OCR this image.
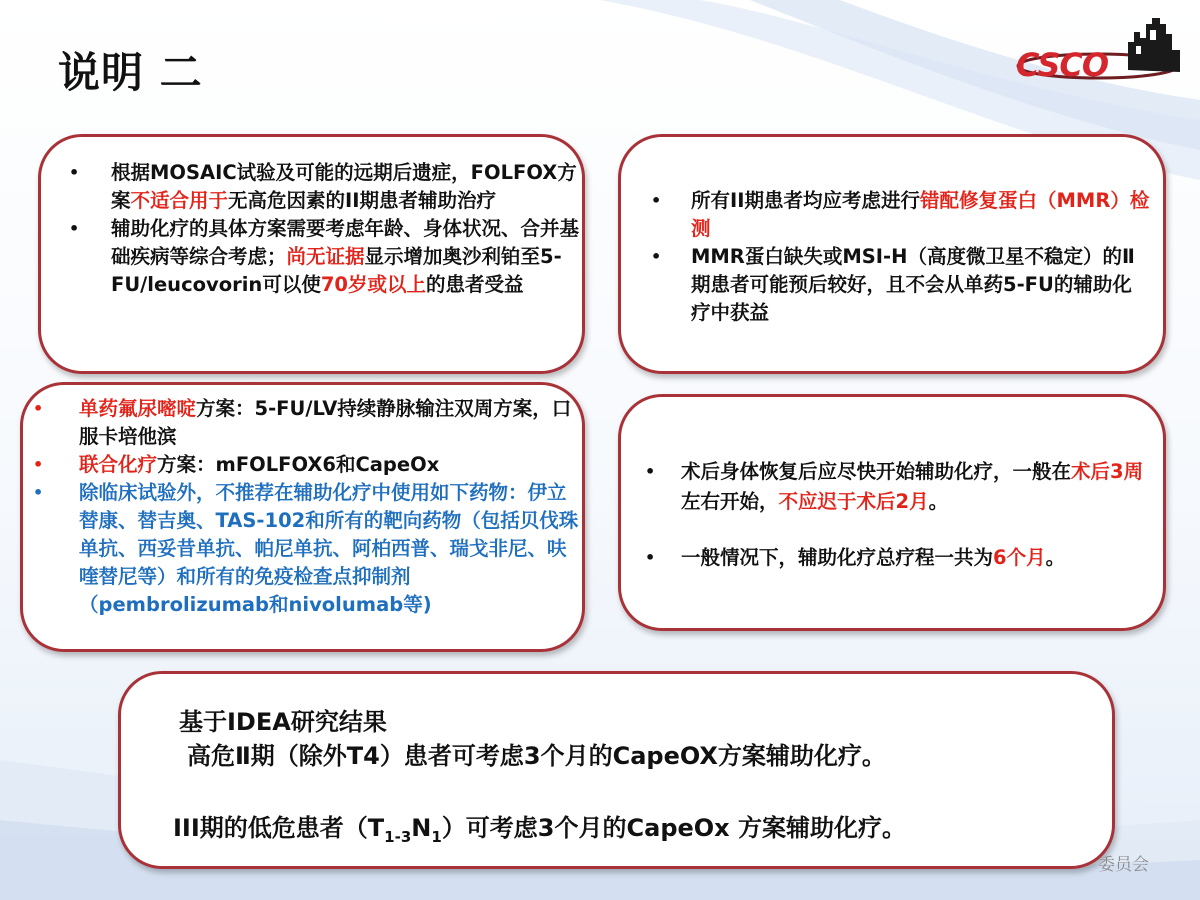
说明 二	CSCO
• 根据MOSAIC试验及可能的远期后遗症，FOLFOX方案不适合用于无高危因素的II期患者辅助治疗
• 辅助化疗的具体方案需要考虑年龄、身体状况、合并基础疾病等综合考虑；尚无证据显示增加奥沙利铂至5-FU/leucovorin可以使70岁或以上的患者受益
• 所有II期患者均应考虑进行错配修复蛋白（MMR）检测
• MMR蛋白缺失或MSI-H（高度微卫星不稳定）的Ⅱ期患者可能预后较好，且不会从单药5-FU的辅助化疗中获益
• 单药氟尿嘧啶方案：5-FU/LV持续静脉输注双周方案，口服卡培他滨
• 联合化疗方案：mFOLFOX6和CapeOx
• 除临床试验外，不推荐在辅助化疗中使用如下药物：伊立替康、替吉奥、TAS-102和所有的靶向药物（包括贝伐珠单抗、西妥昔单抗、帕尼单抗、阿柏西普、瑞戈非尼、呋喹替尼等）和所有的免疫检查点抑制剂 （pembrolizumab和nivolumab等)
• 术后身体恢复后应尽快开始辅助化疗，一般在术后3周左右开始，不应迟于术后2月。
• 一般情况下，辅助化疗总疗程一共为6个月。
基于IDEA研究结果
高危Ⅱ期（除外T4）患者可考虑3个月的CapeOX方案辅助化疗。
III期的低危患者$(T_{1-3}N_1)$可考虑3个月的CapeOx 方案辅助化疗。
委员会
